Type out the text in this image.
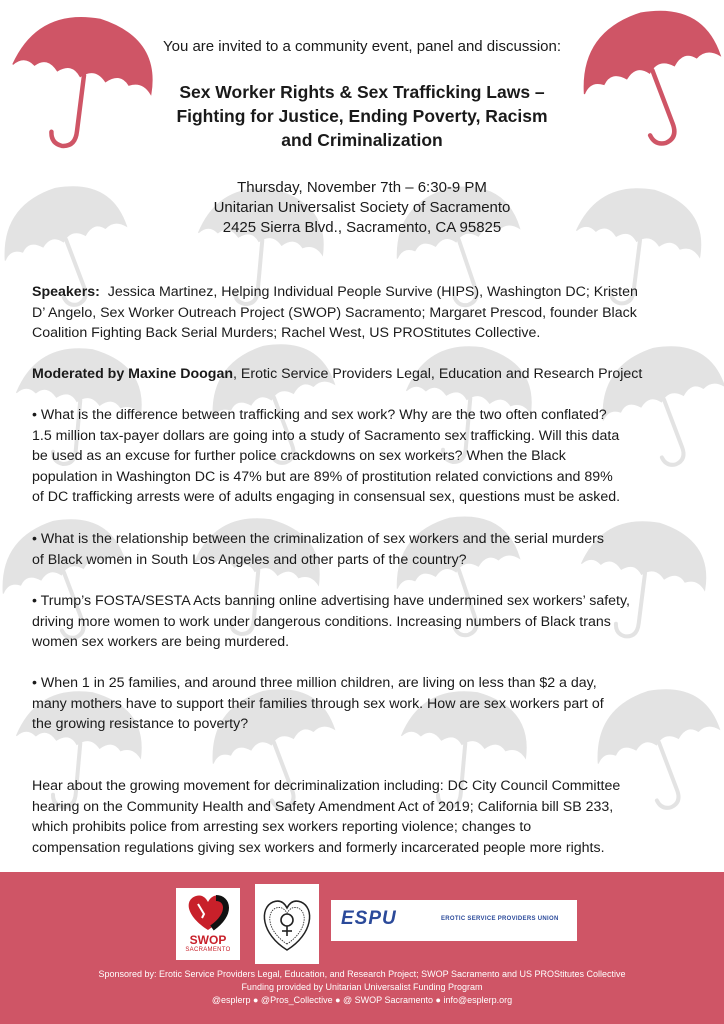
You are invited to a community event, panel and discussion:
Sex Worker Rights & Sex Trafficking Laws –
Fighting for Justice, Ending Poverty, Racism
and Criminalization
Thursday, November 7th – 6:30-9 PM
Unitarian Universalist Society of Sacramento
2425 Sierra Blvd., Sacramento, CA 95825
Speakers: Jessica Martinez, Helping Individual People Survive (HIPS), Washington DC; Kristen
D’ Angelo, Sex Worker Outreach Project (SWOP) Sacramento; Margaret Prescod, founder Black
Coalition Fighting Back Serial Murders; Rachel West, US PROStitutes Collective.
Moderated by Maxine Doogan, Erotic Service Providers Legal, Education and Research Project
• What is the difference between trafficking and sex work? Why are the two often conflated?
1.5 million tax-payer dollars are going into a study of Sacramento sex trafficking. Will this data
be used as an excuse for further police crackdowns on sex workers? When the Black
population in Washington DC is 47% but are 89% of prostitution related convictions and 89%
of DC trafficking arrests were of adults engaging in consensual sex, questions must be asked.
• What is the relationship between the criminalization of sex workers and the serial murders
of Black women in South Los Angeles and other parts of the country?
• Trump’s FOSTA/SESTA Acts banning online advertising have undermined sex workers’ safety,
driving more women to work under dangerous conditions. Increasing numbers of Black trans
women sex workers are being murdered.
• When 1 in 25 families, and around three million children, are living on less than $2 a day,
many mothers have to support their families through sex work. How are sex workers part of
the growing resistance to poverty?
Hear about the growing movement for decriminalization including: DC City Council Committee
hearing on the Community Health and Safety Amendment Act of 2019; California bill SB 233,
which prohibits police from arresting sex workers reporting violence; changes to
compensation regulations giving sex workers and formerly incarcerated people more rights.
SWOP
SACRAMENTO
ESPU	EROTIC SERVICE PROVIDERS UNION
Sponsored by: Erotic Service Providers Legal, Education, and Research Project; SWOP Sacramento and US PROStitutes Collective
Funding provided by Unitarian Universalist Funding Program
@esplerp ● @Pros_Collective ● @ SWOP Sacramento ● info@esplerp.org
